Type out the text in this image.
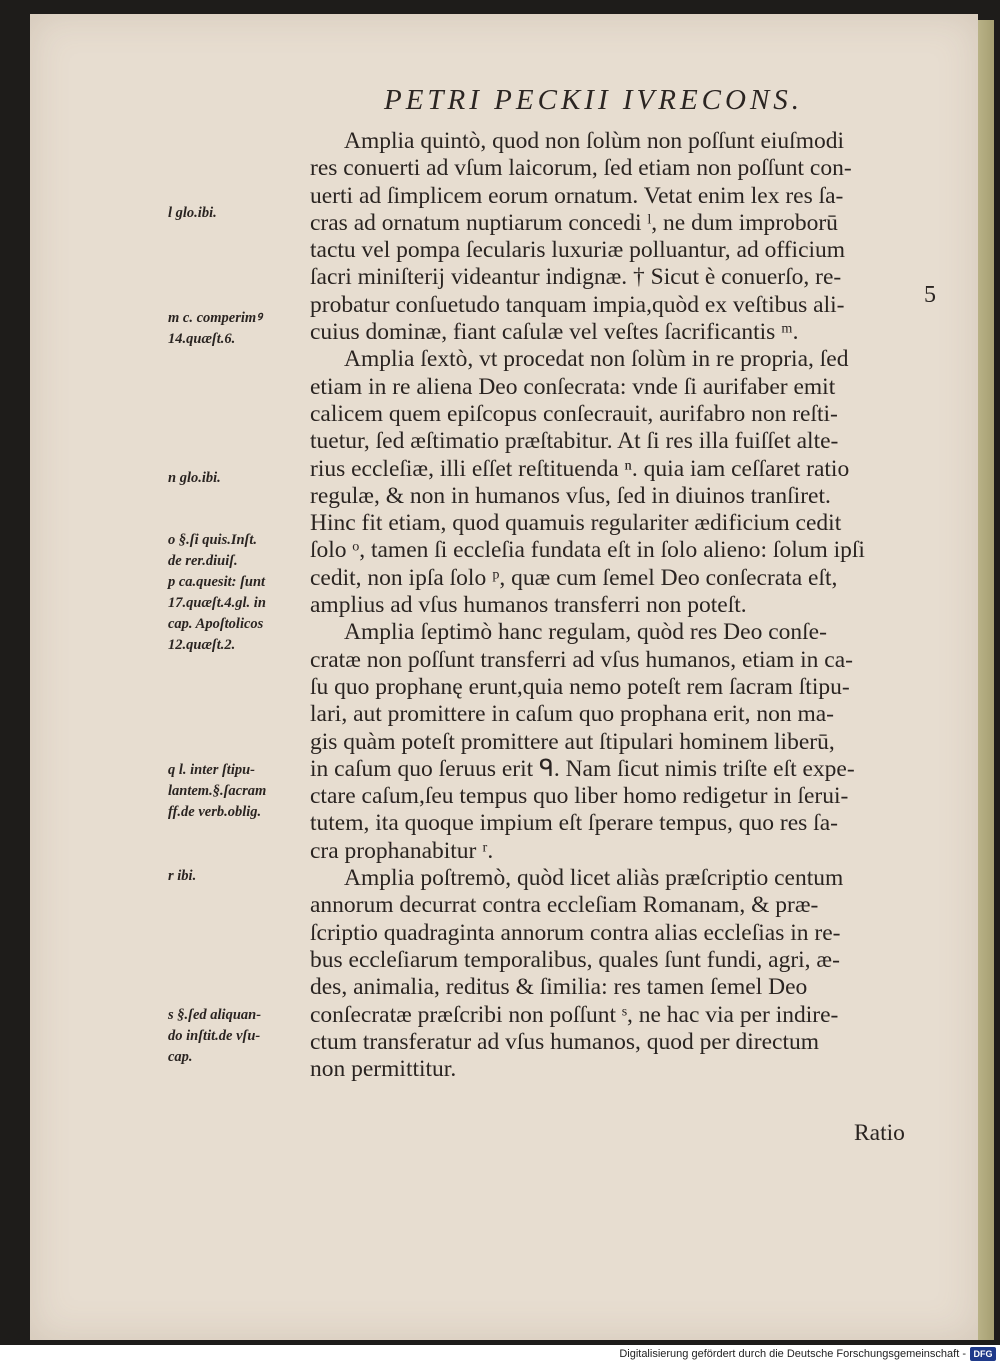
PETRI PECKII IVRECONS.
5
Amplia quintò, quod non ſolùm non poſſunt eiuſmodi
res conuerti ad vſum laicorum, ſed etiam non poſſunt con-
uerti ad ſimplicem eorum ornatum. Vetat enim lex res ſa-
cras ad ornatum nuptiarum concedi ˡ, ne dum improborū
tactu vel pompa ſecularis luxuriæ polluantur, ad officium
ſacri miniſterij videantur indignæ. † Sicut è conuerſo, re-
probatur conſuetudo tanquam impia,quòd ex veſtibus ali-
cuius dominæ, fiant caſulæ vel veſtes ſacrificantis ᵐ.
Amplia ſextò, vt procedat non ſolùm in re propria, ſed
etiam in re aliena Deo conſecrata: vnde ſi aurifaber emit
calicem quem epiſcopus conſecrauit, aurifabro non reſti-
tuetur, ſed æſtimatio præſtabitur. At ſi res illa fuiſſet alte-
rius eccleſiæ, illi eſſet reſtituenda ⁿ. quia iam ceſſaret ratio
regulæ, & non in humanos vſus, ſed in diuinos tranſiret.
Hinc fit etiam, quod quamuis regulariter ædificium cedit
ſolo ᵒ, tamen ſi eccleſia fundata eſt in ſolo alieno: ſolum ipſi
cedit, non ipſa ſolo ᵖ, quæ cum ſemel Deo conſecrata eſt,
amplius ad vſus humanos transferri non poteſt.
Amplia ſeptimò hanc regulam, quòd res Deo conſe-
cratæ non poſſunt transferri ad vſus humanos, etiam in ca-
ſu quo prophanę erunt,quia nemo poteſt rem ſacram ſtipu-
lari, aut promittere in caſum quo prophana erit, non ma-
gis quàm poteſt promittere aut ſtipulari hominem liberū,
in caſum quo ſeruus erit ᑫ. Nam ſicut nimis triſte eſt expe-
ctare caſum,ſeu tempus quo liber homo redigetur in ſerui-
tutem, ita quoque impium eſt ſperare tempus, quo res ſa-
cra prophanabitur ʳ.
Amplia poſtremò, quòd licet aliàs præſcriptio centum
annorum decurrat contra eccleſiam Romanam, & præ-
ſcriptio quadraginta annorum contra alias eccleſias in re-
bus eccleſiarum temporalibus, quales ſunt fundi, agri, æ-
des, animalia, reditus & ſimilia: res tamen ſemel Deo
conſecratæ præſcribi non poſſunt ˢ, ne hac via per indire-
ctum transferatur ad vſus humanos, quod per directum
non permittitur.
Ratio
l glo.ibi.
m c. comperimꝰ
14.quæſt.6.
n glo.ibi.
o §.ſi quis.Inſt.
de rer.diuiſ.
p ca.quesit: ſunt
17.quæſt.4.gl. in
cap. Apoſtolicos
12.quæſt.2.
q l. inter ſtipu-
lantem.§.ſacram
ff.de verb.oblig.
r ibi.
s §.ſed aliquan-
do inſtit.de vſu-
cap.
Digitalisierung gefördert durch die Deutsche Forschungsgemeinschaft - DFG
